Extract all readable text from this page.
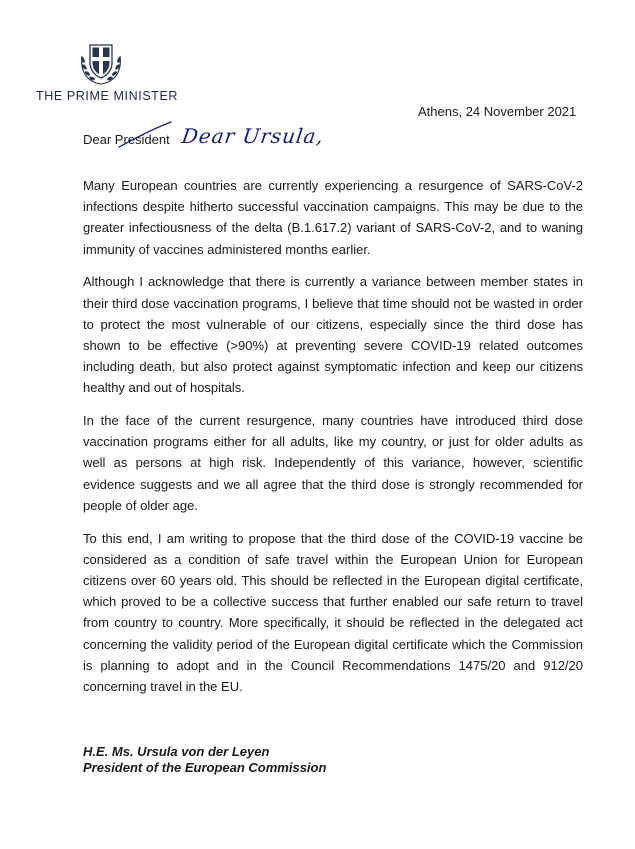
THE PRIME MINISTER
Athens, 24 November 2021
Dear President Dear Ursula,

Many European countries are currently experiencing a resurgence of SARS-CoV-2 infections despite hitherto successful vaccination campaigns. This may be due to the greater infectiousness of the delta (B.1.617.2) variant of SARS-CoV-2, and to waning immunity of vaccines administered months earlier.

Although I acknowledge that there is currently a variance between member states in their third dose vaccination programs, I believe that time should not be wasted in order to protect the most vulnerable of our citizens, especially since the third dose has shown to be effective (>90%) at preventing severe COVID-19 related outcomes including death, but also protect against symptomatic infection and keep our citizens healthy and out of hospitals.

In the face of the current resurgence, many countries have introduced third dose vaccination programs either for all adults, like my country, or just for older adults as well as persons at high risk. Independently of this variance, however, scientific evidence suggests and we all agree that the third dose is strongly recommended for people of older age.

To this end, I am writing to propose that the third dose of the COVID-19 vaccine be considered as a condition of safe travel within the European Union for European citizens over 60 years old. This should be reflected in the European digital certificate, which proved to be a collective success that further enabled our safe return to travel from country to country. More specifically, it should be reflected in the delegated act concerning the validity period of the European digital certificate which the Commission is planning to adopt and in the Council Recommendations 1475/20 and 912/20 concerning travel in the EU.

H.E. Ms. Ursula von der Leyen
President of the European Commission
